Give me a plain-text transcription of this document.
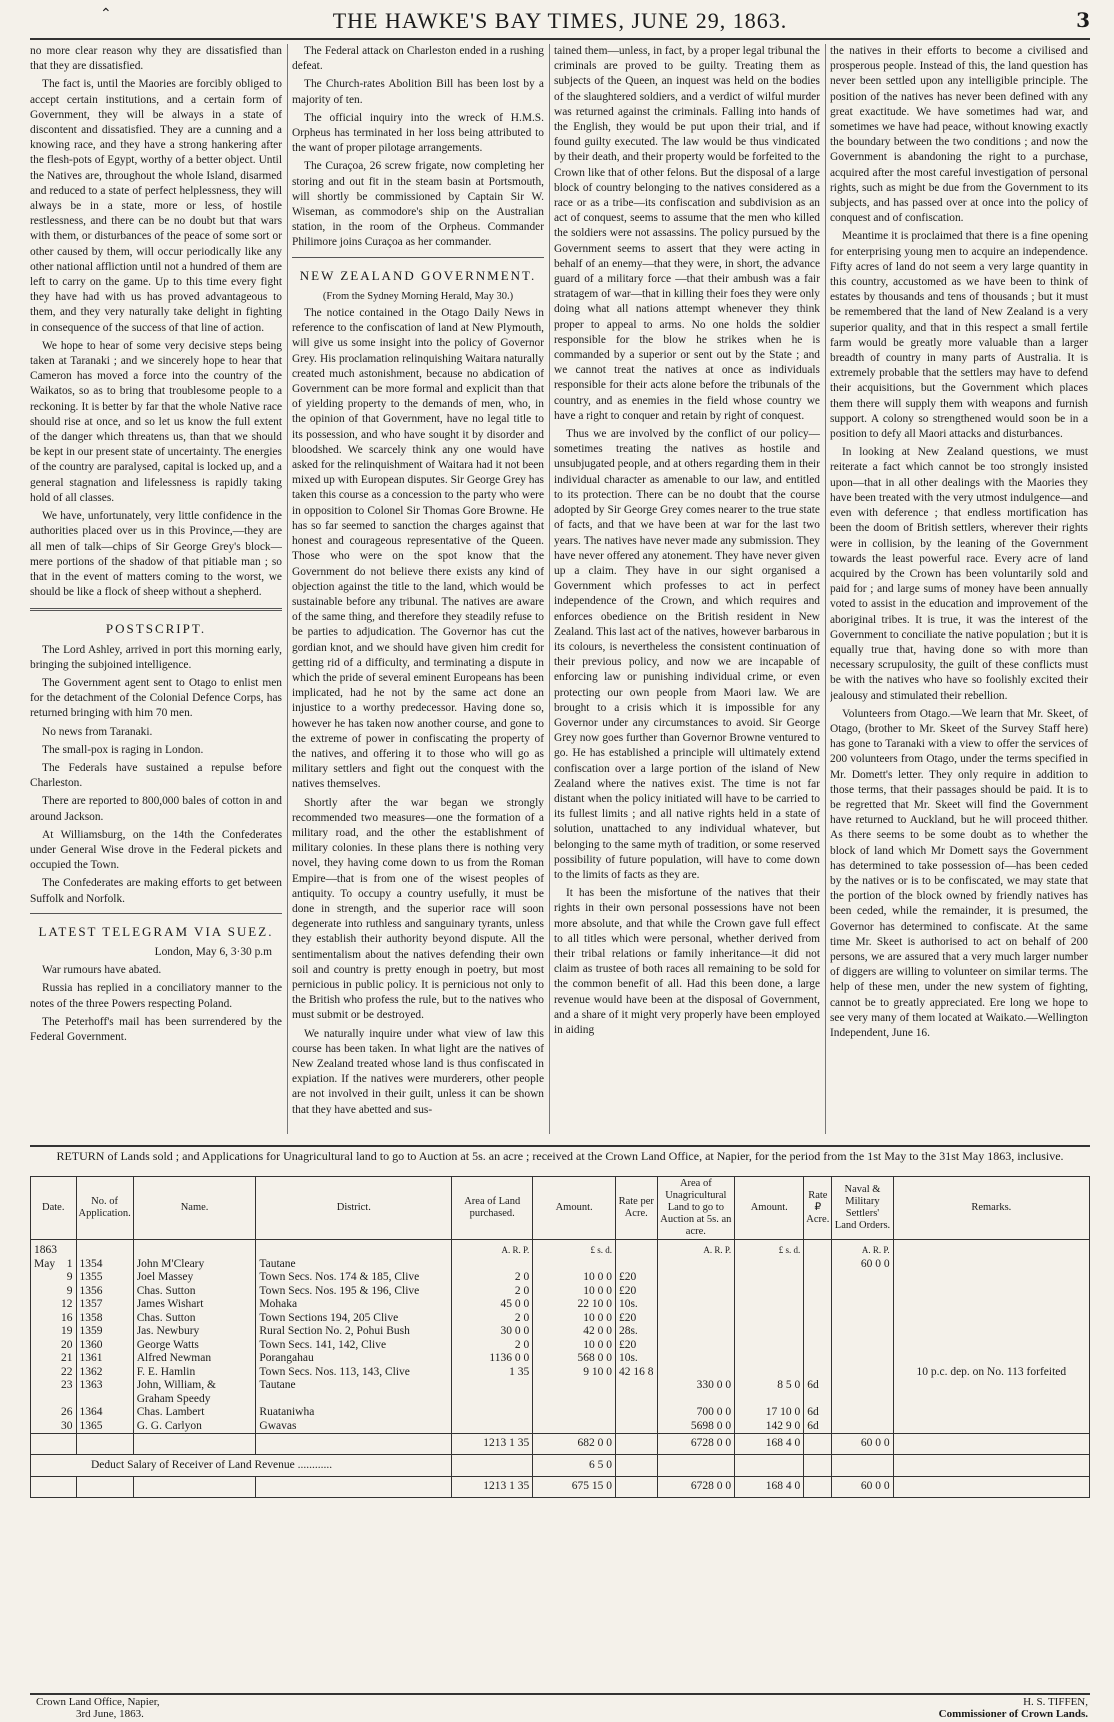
⌃	THE HAWKE'S BAY TIMES, JUNE 29, 1863.	3

no more clear reason why they are dissatisfied than that they are dissatisfied.

The fact is, until the Maories are forcibly obliged to accept certain institutions, and a certain form of Government, they will be always in a state of discontent and dissatisfied. They are a cunning and a knowing race, and they have a strong hankering after the flesh-pots of Egypt, worthy of a better object. Until the Natives are, throughout the whole Island, disarmed and reduced to a state of perfect helplessness, they will always be in a state, more or less, of hostile restlessness, and there can be no doubt but that wars with them, or disturbances of the peace of some sort or other caused by them, will occur periodically like any other national affliction until not a hundred of them are left to carry on the game. Up to this time every fight they have had with us has proved advantageous to them, and they very naturally take delight in fighting in consequence of the success of that line of action.

We hope to hear of some very decisive steps being taken at Taranaki ; and we sincerely hope to hear that Cameron has moved a force into the country of the Waikatos, so as to bring that troublesome people to a reckoning. It is better by far that the whole Native race should rise at once, and so let us know the full extent of the danger which threatens us, than that we should be kept in our present state of uncertainty. The energies of the country are paralysed, capital is locked up, and a general stagnation and lifelessness is rapidly taking hold of all classes.

We have, unfortunately, very little confidence in the authorities placed over us in this Province,—they are all men of talk—chips of Sir George Grey's block—mere portions of the shadow of that pitiable man ; so that in the event of matters coming to the worst, we should be like a flock of sheep without a shepherd.

POSTSCRIPT.

The Lord Ashley, arrived in port this morning early, bringing the subjoined intelligence.

The Government agent sent to Otago to enlist men for the detachment of the Colonial Defence Corps, has returned bringing with him 70 men.

No news from Taranaki.

The small-pox is raging in London.

The Federals have sustained a repulse before Charleston.

There are reported to 800,000 bales of cotton in and around Jackson.

At Williamsburg, on the 14th the Confederates under General Wise drove in the Federal pickets and occupied the Town.

The Confederates are making efforts to get between Suffolk and Norfolk.

LATEST TELEGRAM VIA SUEZ.

London, May 6, 3·30 p.m

War rumours have abated.

Russia has replied in a conciliatory manner to the notes of the three Powers respecting Poland.

The Peterhoff's mail has been surrendered by the Federal Government.

The Federal attack on Charleston ended in a rushing defeat.

The Church-rates Abolition Bill has been lost by a majority of ten.

The official inquiry into the wreck of H.M.S. Orpheus has terminated in her loss being attributed to the want of proper pilotage arrangements.

The Curaçoa, 26 screw frigate, now completing her storing and out fit in the steam basin at Portsmouth, will shortly be commissioned by Captain Sir W. Wiseman, as commodore's ship on the Australian station, in the room of the Orpheus. Commander Philimore joins Curaçoa as her commander.

NEW ZEALAND GOVERNMENT.

(From the Sydney Morning Herald, May 30.)

The notice contained in the Otago Daily News in reference to the confiscation of land at New Plymouth, will give us some insight into the policy of Governor Grey. His proclamation relinquishing Waitara naturally created much astonishment, because no abdication of Government can be more formal and explicit than that of yielding property to the demands of men, who, in the opinion of that Government, have no legal title to its possession, and who have sought it by disorder and bloodshed. We scarcely think any one would have asked for the relinquishment of Waitara had it not been mixed up with European disputes. Sir George Grey has taken this course as a concession to the party who were in opposition to Colonel Sir Thomas Gore Browne. He has so far seemed to sanction the charges against that honest and courageous representative of the Queen. Those who were on the spot know that the Government do not believe there exists any kind of objection against the title to the land, which would be sustainable before any tribunal. The natives are aware of the same thing, and therefore they steadily refuse to be parties to adjudication. The Governor has cut the gordian knot, and we should have given him credit for getting rid of a difficulty, and terminating a dispute in which the pride of several eminent Europeans has been implicated, had he not by the same act done an injustice to a worthy predecessor. Having done so, however he has taken now another course, and gone to the extreme of power in confiscating the property of the natives, and offering it to those who will go as military settlers and fight out the conquest with the natives themselves.

Shortly after the war began we strongly recommended two measures—one the formation of a military road, and the other the establishment of military colonies. In these plans there is nothing very novel, they having come down to us from the Roman Empire—that is from one of the wisest peoples of antiquity. To occupy a country usefully, it must be done in strength, and the superior race will soon degenerate into ruthless and sanguinary tyrants, unless they establish their authority beyond dispute. All the sentimentalism about the natives defending their own soil and country is pretty enough in poetry, but most pernicious in public policy. It is pernicious not only to the British who profess the rule, but to the natives who must submit or be destroyed.

We naturally inquire under what view of law this course has been taken. In what light are the natives of New Zealand treated whose land is thus confiscated in expiation. If the natives were murderers, other people are not involved in their guilt, unless it can be shown that they have abetted and sus-

tained them—unless, in fact, by a proper legal tribunal the criminals are proved to be guilty. Treating them as subjects of the Queen, an inquest was held on the bodies of the slaughtered soldiers, and a verdict of wilful murder was returned against the criminals. Falling into hands of the English, they would be put upon their trial, and if found guilty executed. The law would be thus vindicated by their death, and their property would be forfeited to the Crown like that of other felons. But the disposal of a large block of country belonging to the natives considered as a race or as a tribe—its confiscation and subdivision as an act of conquest, seems to assume that the men who killed the soldiers were not assassins. The policy pursued by the Government seems to assert that they were acting in behalf of an enemy—that they were, in short, the advance guard of a military force —that their ambush was a fair stratagem of war—that in killing their foes they were only doing what all nations attempt whenever they think proper to appeal to arms. No one holds the soldier responsible for the blow he strikes when he is commanded by a superior or sent out by the State ; and we cannot treat the natives at once as individuals responsible for their acts alone before the tribunals of the country, and as enemies in the field whose country we have a right to conquer and retain by right of conquest.

Thus we are involved by the conflict of our policy—sometimes treating the natives as hostile and unsubjugated people, and at others regarding them in their individual character as amenable to our law, and entitled to its protection. There can be no doubt that the course adopted by Sir George Grey comes nearer to the true state of facts, and that we have been at war for the last two years. The natives have never made any submission. They have never offered any atonement. They have never given up a claim. They have in our sight organised a Government which professes to act in perfect independence of the Crown, and which requires and enforces obedience on the British resident in New Zealand. This last act of the natives, however barbarous in its colours, is nevertheless the consistent continuation of their previous policy, and now we are incapable of enforcing law or punishing individual crime, or even protecting our own people from Maori law. We are brought to a crisis which it is impossible for any Governor under any circumstances to avoid. Sir George Grey now goes further than Governor Browne ventured to go. He has established a principle will ultimately extend confiscation over a large portion of the island of New Zealand where the natives exist. The time is not far distant when the policy initiated will have to be carried to its fullest limits ; and all native rights held in a state of solution, unattached to any individual whatever, but belonging to the same myth of tradition, or some reserved possibility of future population, will have to come down to the limits of facts as they are.

It has been the misfortune of the natives that their rights in their own personal possessions have not been more absolute, and that while the Crown gave full effect to all titles which were personal, whether derived from their tribal relations or family inheritance—it did not claim as trustee of both races all remaining to be sold for the common benefit of all. Had this been done, a large revenue would have been at the disposal of Government, and a share of it might very properly have been employed in aiding

the natives in their efforts to become a civilised and prosperous people. Instead of this, the land question has never been settled upon any intelligible principle. The position of the natives has never been defined with any great exactitude. We have sometimes had war, and sometimes we have had peace, without knowing exactly the boundary between the two conditions ; and now the Government is abandoning the right to a purchase, acquired after the most careful investigation of personal rights, such as might be due from the Government to its subjects, and has passed over at once into the policy of conquest and of confiscation.

Meantime it is proclaimed that there is a fine opening for enterprising young men to acquire an independence. Fifty acres of land do not seem a very large quantity in this country, accustomed as we have been to think of estates by thousands and tens of thousands ; but it must be remembered that the land of New Zealand is a very superior quality, and that in this respect a small fertile farm would be greatly more valuable than a larger breadth of country in many parts of Australia. It is extremely probable that the settlers may have to defend their acquisitions, but the Government which places them there will supply them with weapons and furnish support. A colony so strengthened would soon be in a position to defy all Maori attacks and disturbances.

In looking at New Zealand questions, we must reiterate a fact which cannot be too strongly insisted upon—that in all other dealings with the Maories they have been treated with the very utmost indulgence—and even with deference ; that endless mortification has been the doom of British settlers, wherever their rights were in collision, by the leaning of the Government towards the least powerful race. Every acre of land acquired by the Crown has been voluntarily sold and paid for ; and large sums of money have been annually voted to assist in the education and improvement of the aboriginal tribes. It is true, it was the interest of the Government to conciliate the native population ; but it is equally true that, having done so with more than necessary scrupulosity, the guilt of these conflicts must be with the natives who have so foolishly excited their jealousy and stimulated their rebellion.

Volunteers from Otago.—We learn that Mr. Skeet, of Otago, (brother to Mr. Skeet of the Survey Staff here) has gone to Taranaki with a view to offer the services of 200 volunteers from Otago, under the terms specified in Mr. Domett's letter. They only require in addition to those terms, that their passages should be paid. It is to be regretted that Mr. Skeet will find the Government have returned to Auckland, but he will proceed thither. As there seems to be some doubt as to whether the block of land which Mr Domett says the Government has determined to take possession of—has been ceded by the natives or is to be confiscated, we may state that the portion of the block owned by friendly natives has been ceded, while the remainder, it is presumed, the Governor has determined to confiscate. At the same time Mr. Skeet is authorised to act on behalf of 200 persons, we are assured that a very much larger number of diggers are willing to volunteer on similar terms. The help of these men, under the new system of fighting, cannot be to greatly appreciated. Ere long we hope to see very many of them located at Waikato.—Wellington Independent, June 16.

RETURN of Lands sold ; and Applications for Unagricultural land to go to Auction at 5s. an acre ; received at the Crown Land Office, at Napier, for the period from the 1st May to the 31st May 1863, inclusive.
Date.	No. of Application.	Name.	District.	Area of Land purchased.	Amount.	Rate per Acre.	Area of Unagricultural Land to go to Auction at 5s. an acre.	Amount.	Rate ₽ Acre.	Naval & Military Settlers' Land Orders.	Remarks.
1863				A. R. P.	£ s. d.		A. R. P.	£ s. d.		A. R. P.	

May 1	1354	John M'Cleary	Tautane							60 0 0	
9	1355	Joel Massey	Town Secs. Nos. 174 & 185, Clive	2 0	10 0 0	£20					
9	1356	Chas. Sutton	Town Secs. Nos. 195 & 196, Clive	2 0	10 0 0	£20					
12	1357	James Wishart	Mohaka	45 0 0	22 10 0	10s.					
16	1358	Chas. Sutton	Town Sections 194, 205 Clive	2 0	10 0 0	£20					
19	1359	Jas. Newbury	Rural Section No. 2, Pohui Bush	30 0 0	42 0 0	28s.					
20	1360	George Watts	Town Secs. 141, 142, Clive	2 0	10 0 0	£20					
21	1361	Alfred Newman	Porangahau	1136 0 0	568 0 0	10s.					
22	1362	F. E. Hamlin	Town Secs. Nos. 113, 143, Clive	1 35	9 10 0	42 16 8					10 p.c. dep. on No. 113 forfeited
23	1363	John, William, & Graham Speedy	Tautane				330 0 0	8 5 0	6d		
26	1364	Chas. Lambert	Ruataniwha				700 0 0	17 10 0	6d		
30	1365	G. G. Carlyon	Gwavas				5698 0 0	142 9 0	6d		
				1213 1 35	682 0 0		6728 0 0	168 4 0		60 0 0	
Deduct Salary of Receiver of Land Revenue ............					6 5 0						
				1213 1 35	675 15 0		6728 0 0	168 4 0		60 0 0	
Crown Land Office, Napier,
3rd June, 1863.
H. S. TIFFEN,
Commissioner of Crown Lands.
